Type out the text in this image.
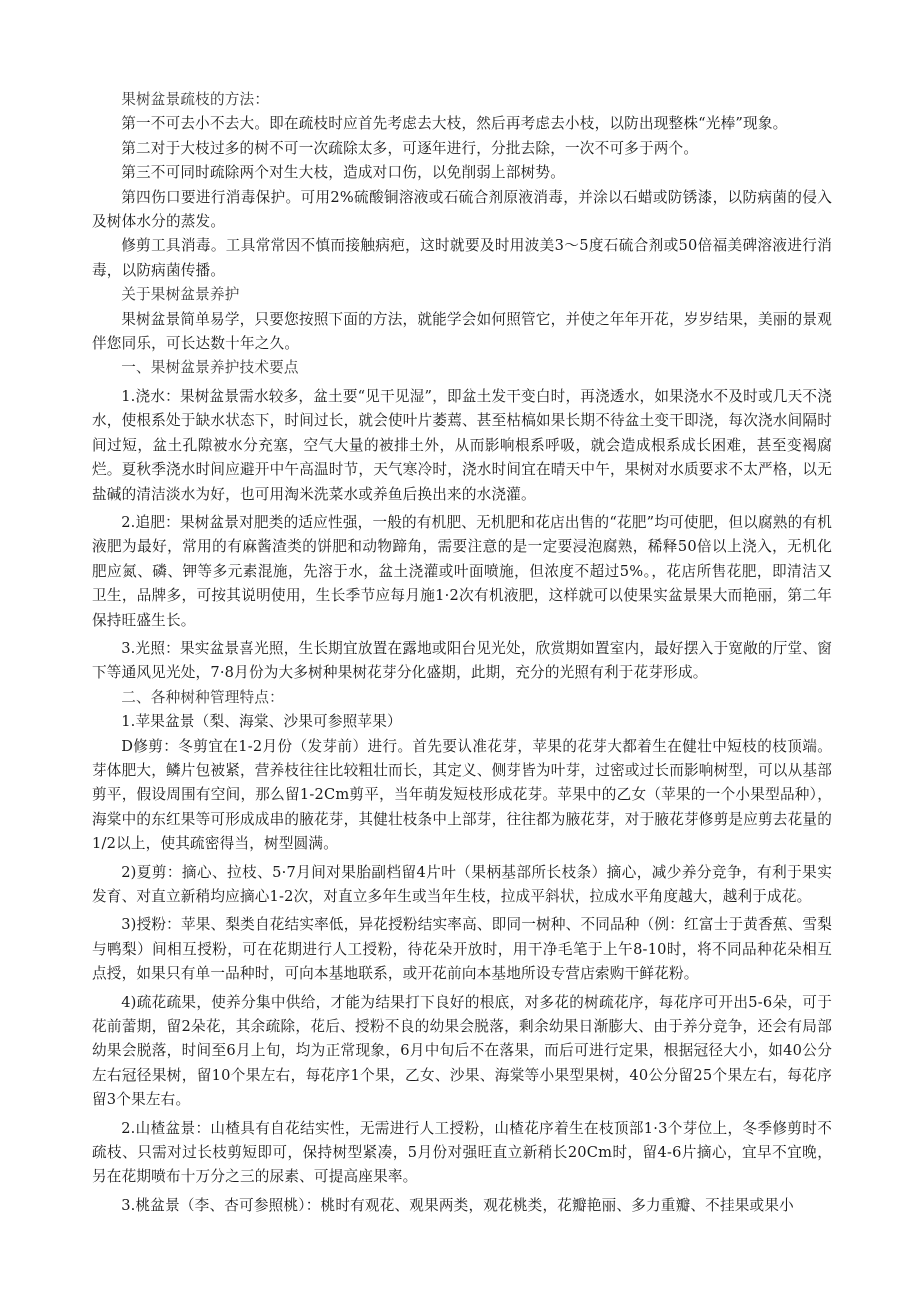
果树盆景疏枝的方法：

第一不可去小不去大。即在疏枝时应首先考虑去大枝，然后再考虑去小枝，以防出现整株“光棒”现象。

第二对于大枝过多的树不可一次疏除太多，可逐年进行，分批去除，一次不可多于两个。

第三不可同时疏除两个对生大枝，造成对口伤，以免削弱上部树势。

第四伤口要进行消毒保护。可用2%硫酸铜溶液或石硫合剂原液消毒，并涂以石蜡或防锈漆，以防病菌的侵入及树体水分的蒸发。

修剪工具消毒。工具常常因不慎而接触病疤，这时就要及时用波美3〜5度石硫合剂或50倍福美碑溶液进行消毒，以防病菌传播。

关于果树盆景养护

果树盆景简单易学，只要您按照下面的方法，就能学会如何照管它，并使之年年开花，岁岁结果，美丽的景观伴您同乐，可长达数十年之久。

一、果树盆景养护技术要点

1.浇水：果树盆景需水较多，盆土要“见干见湿”，即盆土发干变白时，再浇透水，如果浇水不及时或几天不浇水，使根系处于缺水状态下，时间过长，就会使叶片萎蔫、甚至枯槁如果长期不待盆土变干即浇，每次浇水间隔时间过短，盆土孔隙被水分充塞，空气大量的被排土外，从而影响根系呼吸，就会造成根系成长困难，甚至变褐腐烂。夏秋季浇水时间应避开中午高温时节，天气寒冷时，浇水时间宜在晴天中午，果树对水质要求不太严格，以无盐碱的清洁淡水为好，也可用淘米洗菜水或养鱼后换出来的水浇灌。

2.追肥：果树盆景对肥类的适应性强，一般的有机肥、无机肥和花店出售的“花肥”均可使肥，但以腐熟的有机液肥为最好，常用的有麻酱渣类的饼肥和动物蹄角，需要注意的是一定要浸泡腐熟，稀释50倍以上浇入，无机化肥应氮、磷、钾等多元素混施，先溶于水，盆土浇灌或叶面喷施，但浓度不超过5%。，花店所售花肥，即清洁又卫生，品牌多，可按其说明使用，生长季节应每月施1·2次有机液肥，这样就可以使果实盆景果大而艳丽，第二年保持旺盛生长。

3.光照：果实盆景喜光照，生长期宜放置在露地或阳台见光处，欣赏期如置室内，最好摆入于宽敞的厅堂、窗下等通风见光处，7·8月份为大多树种果树花芽分化盛期，此期，充分的光照有利于花芽形成。

二、各种树种管理特点：

1.苹果盆景（梨、海棠、沙果可参照苹果）

D修剪：冬剪宜在1-2月份（发芽前）进行。首先要认准花芽，苹果的花芽大都着生在健壮中短枝的枝顶端。芽体肥大，鳞片包被紧，营养枝往往比较粗壮而长，其定义、侧芽皆为叶芽，过密或过长而影响树型，可以从基部剪平，假设周围有空间，那么留1-2Cm剪平，当年萌发短枝形成花芽。苹果中的乙女（苹果的一个小果型品种），海棠中的东红果等可形成成串的腋花芽，其健壮枝条中上部芽，往往都为腋花芽，对于腋花芽修剪是应剪去花量的1/2以上，使其疏密得当，树型圆满。

2)夏剪：摘心、拉枝、5·7月间对果胎副档留4片叶（果柄基部所长枝条）摘心，减少养分竞争，有利于果实发育、对直立新稍均应摘心1-2次，对直立多年生或当年生枝，拉成平斜状，拉成水平角度越大，越利于成花。

3)授粉：苹果、梨类自花结实率低，异花授粉结实率高、即同一树种、不同品种（例：红富士于黄香蕉、雪梨与鸭梨）间相互授粉，可在花期进行人工授粉，待花朵开放时，用干净毛笔于上午8-10时，将不同品种花朵相互点授，如果只有单一品种时，可向本基地联系，或开花前向本基地所设专营店索购干鲜花粉。

4)疏花疏果，使养分集中供给，才能为结果打下良好的根底，对多花的树疏花序，每花序可开出5-6朵，可于花前蕾期，留2朵花，其余疏除，花后、授粉不良的幼果会脱落，剩余幼果日渐膨大、由于养分竞争，还会有局部幼果会脱落，时间至6月上旬，均为正常现象，6月中旬后不在落果，而后可进行定果，根据冠径大小，如40公分左右冠径果树，留10个果左右，每花序1个果，乙女、沙果、海棠等小果型果树，40公分留25个果左右，每花序留3个果左右。

2.山楂盆景：山楂具有自花结实性，无需进行人工授粉，山楂花序着生在枝顶部1·3个芽位上，冬季修剪时不疏枝、只需对过长枝剪短即可，保持树型紧凑，5月份对强旺直立新稍长20Cm时，留4-6片摘心，宜早不宜晚，另在花期喷布十万分之三的尿素、可提高座果率。

3.桃盆景（李、杏可参照桃）：桃时有观花、观果两类，观花桃类，花瓣艳丽、多力重瓣、不挂果或果小
